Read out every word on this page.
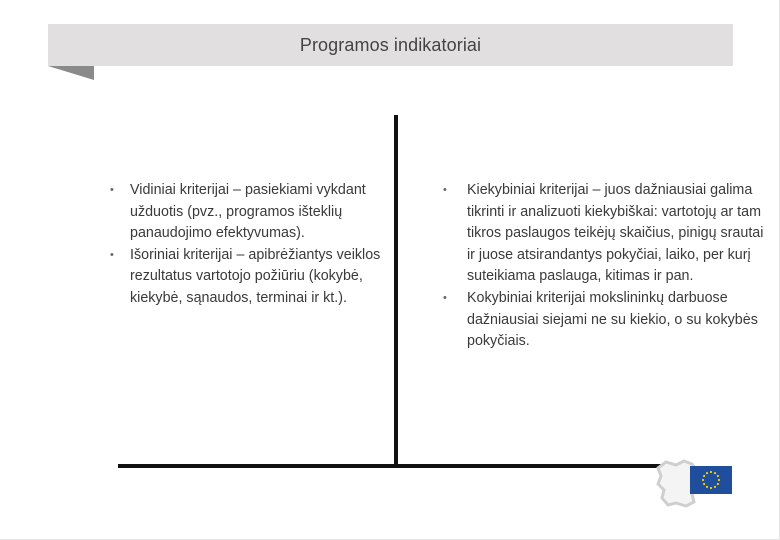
Programos indikatoriai
• Vidiniai kriterijai – pasiekiami vykdant užduotis (pvz., programos išteklių panaudojimo efektyvumas).
• Išoriniai kriterijai – apibrėžiantys veiklos rezultatus vartotojo požiūriu (kokybė, kiekybė, sąnaudos, terminai ir kt.).
• Kiekybiniai kriterijai – juos dažniausiai galima tikrinti ir analizuoti kiekybiškai: vartotojų ar tam tikros paslaugos teikėjų skaičius, pinigų srautai ir juose atsirandantys pokyčiai, laiko, per kurį suteikiama paslauga, kitimas ir pan.
• Kokybiniai kriterijai mokslininkų darbuose dažniausiai siejami ne su kiekio, o su kokybės pokyčiais.
